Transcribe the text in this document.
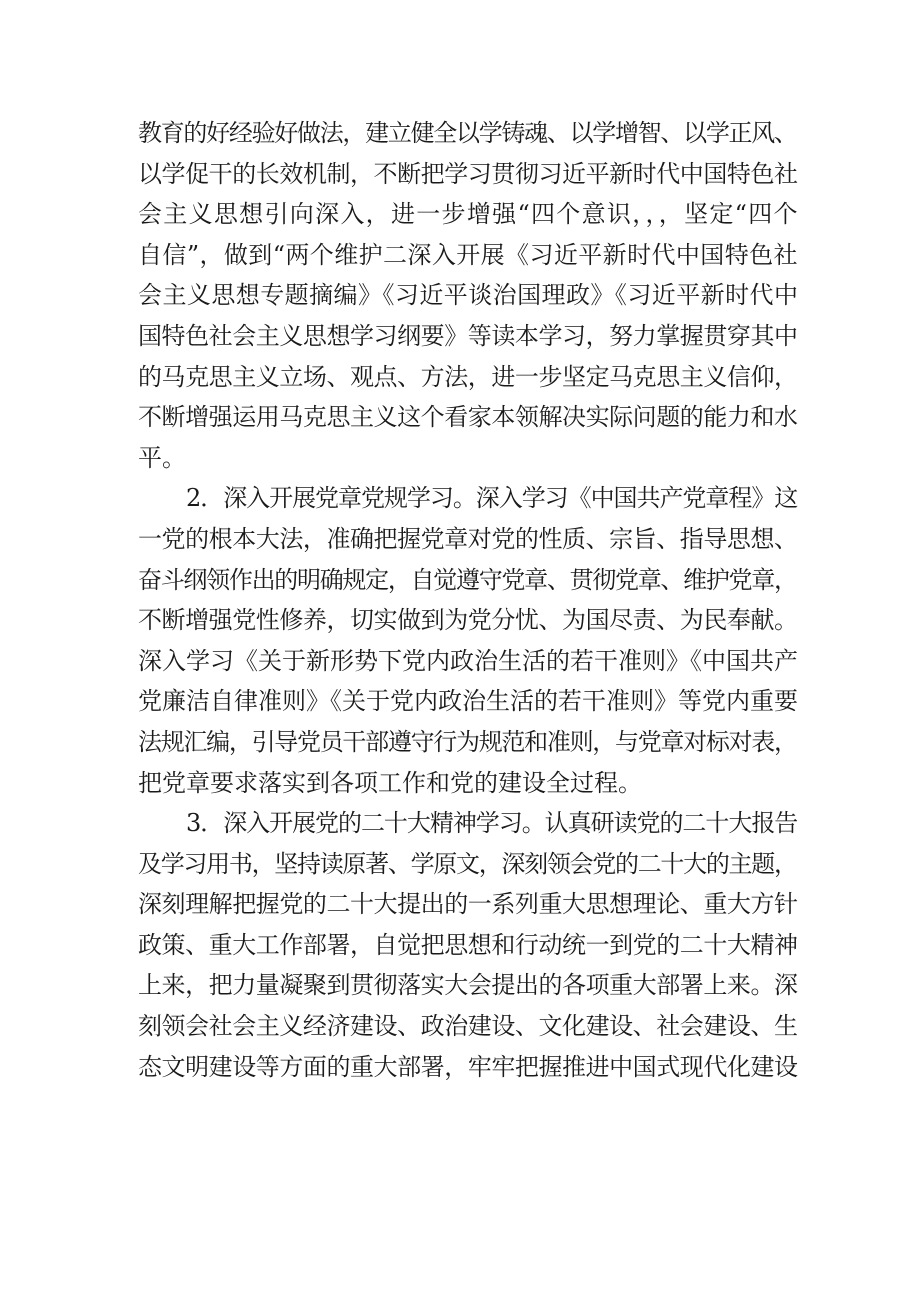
教育的好经验好做法，建立健全以学铸魂、以学增智、以学正风、
以学促干的长效机制，不断把学习贯彻习近平新时代中国特色社
会主义思想引向深入，进一步增强“四个意识，，，坚定“四个
自信”，做到“两个维护二深入开展《习近平新时代中国特色社
会主义思想专题摘编》《习近平谈治国理政》《习近平新时代中
国特色社会主义思想学习纲要》等读本学习，努力掌握贯穿其中
的马克思主义立场、观点、方法，进一步坚定马克思主义信仰，
不断增强运用马克思主义这个看家本领解决实际问题的能力和水
平。
2．深入开展党章党规学习。深入学习《中国共产党章程》这
一党的根本大法，准确把握党章对党的性质、宗旨、指导思想、
奋斗纲领作出的明确规定，自觉遵守党章、贯彻党章、维护党章，
不断增强党性修养，切实做到为党分忧、为国尽责、为民奉献。
深入学习《关于新形势下党内政治生活的若干准则》《中国共产
党廉洁自律准则》《关于党内政治生活的若干准则》等党内重要
法规汇编，引导党员干部遵守行为规范和准则，与党章对标对表，
把党章要求落实到各项工作和党的建设全过程。
3．深入开展党的二十大精神学习。认真研读党的二十大报告
及学习用书，坚持读原著、学原文，深刻领会党的二十大的主题，
深刻理解把握党的二十大提出的一系列重大思想理论、重大方针
政策、重大工作部署，自觉把思想和行动统一到党的二十大精神
上来，把力量凝聚到贯彻落实大会提出的各项重大部署上来。深
刻领会社会主义经济建设、政治建设、文化建设、社会建设、生
态文明建设等方面的重大部署，牢牢把握推进中国式现代化建设
